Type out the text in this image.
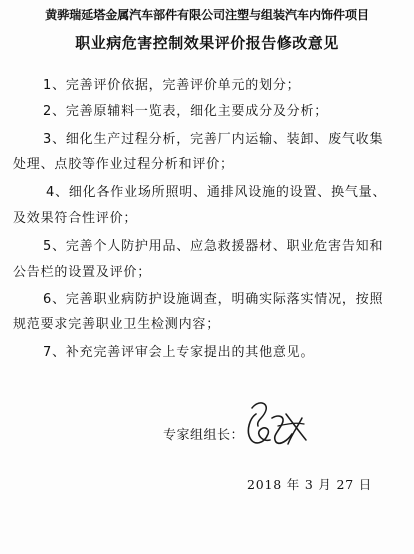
黄骅瑞延塔金属汽车部件有限公司注塑与组装汽车内饰件项目
职业病危害控制效果评价报告修改意见
1、完善评价依据，完善评价单元的划分；
2、完善原辅料一览表，细化主要成分及分析；
3、细化生产过程分析，完善厂内运输、装卸、废气收集
处理、点胶等作业过程分析和评价；
4、细化各作业场所照明、通排风设施的设置、换气量、
及效果符合性评价；
5、完善个人防护用品、应急救援器材、职业危害告知和
公告栏的设置及评价；
6、完善职业病防护设施调查，明确实际落实情况，按照
规范要求完善职业卫生检测内容；
7、补充完善评审会上专家提出的其他意见。
专家组组长：
2018 年 3 月 27 日
